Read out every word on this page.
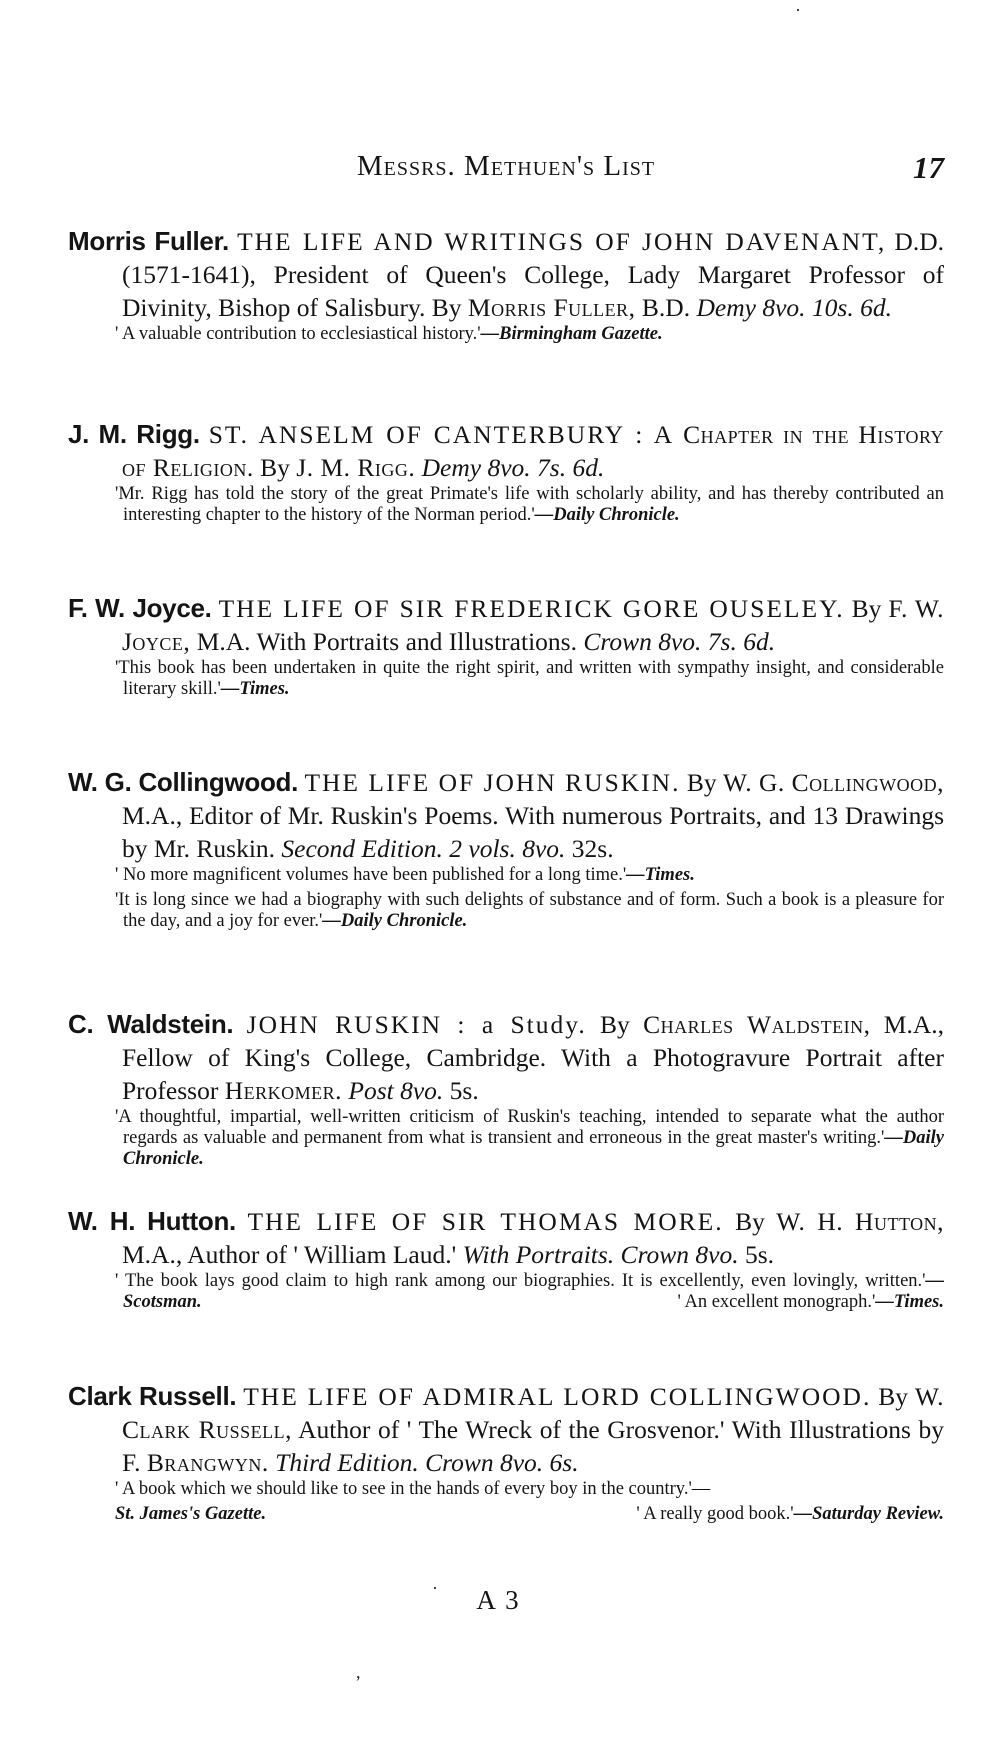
Messrs. Methuen's List	17

Morris Fuller. THE LIFE AND WRITINGS OF JOHN DAVENANT, D.D. (1571-1641), President of Queen's College, Lady Margaret Professor of Divinity, Bishop of Salisbury. By Morris Fuller, B.D. Demy 8vo. 10s. 6d.

' A valuable contribution to ecclesiastical history.'—Birmingham Gazette.

J. M. Rigg. ST. ANSELM OF CANTERBURY : A Chapter in the History of Religion. By J. M. Rigg. Demy 8vo. 7s. 6d.

'Mr. Rigg has told the story of the great Primate's life with scholarly ability, and has thereby contributed an interesting chapter to the history of the Norman period.'—Daily Chronicle.

F. W. Joyce. THE LIFE OF SIR FREDERICK GORE OUSELEY. By F. W. Joyce, M.A. With Portraits and Illustrations. Crown 8vo. 7s. 6d.

'This book has been undertaken in quite the right spirit, and written with sympathy insight, and considerable literary skill.'—Times.

W. G. Collingwood. THE LIFE OF JOHN RUSKIN. By W. G. Collingwood, M.A., Editor of Mr. Ruskin's Poems. With numerous Portraits, and 13 Drawings by Mr. Ruskin. Second Edition. 2 vols. 8vo. 32s.

' No more magnificent volumes have been published for a long time.'—Times.

'It is long since we had a biography with such delights of substance and of form. Such a book is a pleasure for the day, and a joy for ever.'—Daily Chronicle.

C. Waldstein. JOHN RUSKIN : a Study. By Charles Waldstein, M.A., Fellow of King's College, Cambridge. With a Photogravure Portrait after Professor Herkomer. Post 8vo. 5s.

'A thoughtful, impartial, well-written criticism of Ruskin's teaching, intended to separate what the author regards as valuable and permanent from what is transient and erroneous in the great master's writing.'—Daily Chronicle.

W. H. Hutton. THE LIFE OF SIR THOMAS MORE. By W. H. Hutton, M.A., Author of ' William Laud.' With Portraits. Crown 8vo. 5s.

' The book lays good claim to high rank among our biographies. It is excellently, even lovingly, written.'—Scotsman.	' An excellent monograph.'—Times.

Clark Russell. THE LIFE OF ADMIRAL LORD COLLINGWOOD. By W. Clark Russell, Author of ' The Wreck of the Grosvenor.' With Illustrations by F. Brangwyn. Third Edition. Crown 8vo. 6s.

' A book which we should like to see in the hands of every boy in the country.'—

St. James's Gazette.	' A really good book.'—Saturday Review.
A 3
·
·
,
